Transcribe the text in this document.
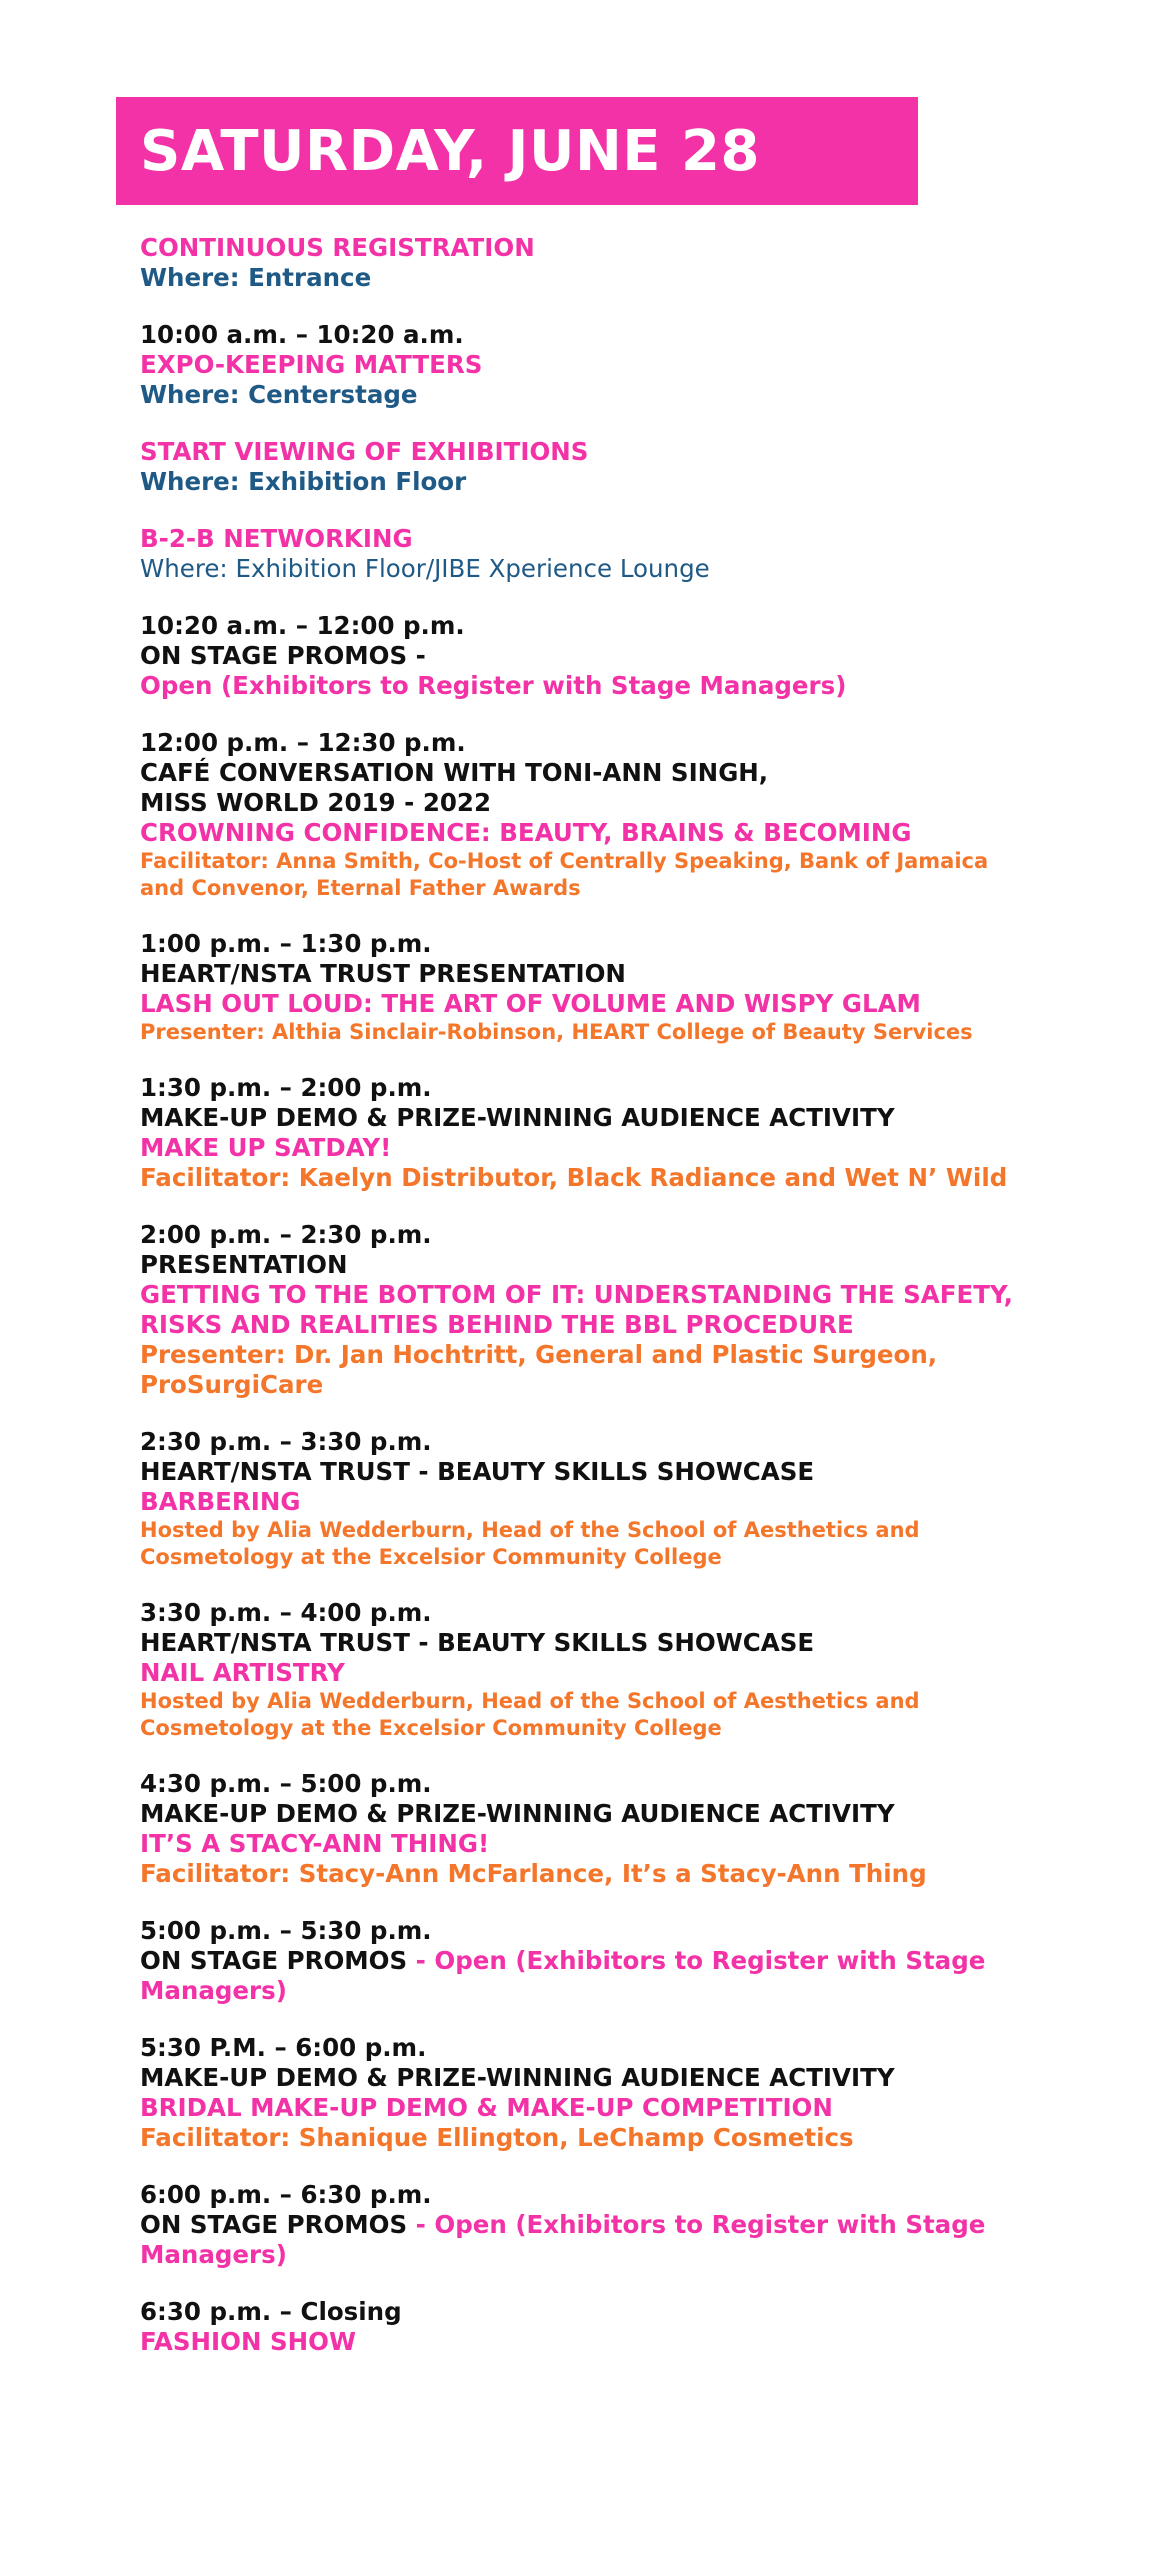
SATURDAY, JUNE 28
CONTINUOUS REGISTRATION
Where: Entrance
10:00 a.m. – 10:20 a.m.
EXPO-KEEPING MATTERS
Where: Centerstage
START VIEWING OF EXHIBITIONS
Where: Exhibition Floor
B-2-B NETWORKING
Where: Exhibition Floor/JIBE Xperience Lounge
10:20 a.m. – 12:00 p.m.
ON STAGE PROMOS -
Open (Exhibitors to Register with Stage Managers)
12:00 p.m. – 12:30 p.m.
CAFÉ CONVERSATION WITH TONI-ANN SINGH,
MISS WORLD 2019 - 2022
CROWNING CONFIDENCE: BEAUTY, BRAINS & BECOMING
Facilitator: Anna Smith, Co-Host of Centrally Speaking, Bank of Jamaica
and Convenor, Eternal Father Awards
1:00 p.m. – 1:30 p.m.
HEART/NSTA TRUST PRESENTATION
LASH OUT LOUD: THE ART OF VOLUME AND WISPY GLAM
Presenter: Althia Sinclair-Robinson, HEART College of Beauty Services
1:30 p.m. – 2:00 p.m.
MAKE-UP DEMO & PRIZE-WINNING AUDIENCE ACTIVITY
MAKE UP SATDAY!
Facilitator: Kaelyn Distributor, Black Radiance and Wet N’ Wild
2:00 p.m. – 2:30 p.m.
PRESENTATION
GETTING TO THE BOTTOM OF IT: UNDERSTANDING THE SAFETY,
RISKS AND REALITIES BEHIND THE BBL PROCEDURE
Presenter: Dr. Jan Hochtritt, General and Plastic Surgeon,
ProSurgiCare
2:30 p.m. – 3:30 p.m.
HEART/NSTA TRUST - BEAUTY SKILLS SHOWCASE
BARBERING
Hosted by Alia Wedderburn, Head of the School of Aesthetics and
Cosmetology at the Excelsior Community College
3:30 p.m. – 4:00 p.m.
HEART/NSTA TRUST - BEAUTY SKILLS SHOWCASE
NAIL ARTISTRY
Hosted by Alia Wedderburn, Head of the School of Aesthetics and
Cosmetology at the Excelsior Community College
4:30 p.m. – 5:00 p.m.
MAKE-UP DEMO & PRIZE-WINNING AUDIENCE ACTIVITY
IT’S A STACY-ANN THING!
Facilitator: Stacy-Ann McFarlance, It’s a Stacy-Ann Thing
5:00 p.m. – 5:30 p.m.
ON STAGE PROMOS - Open (Exhibitors to Register with Stage
Managers)
5:30 P.M. – 6:00 p.m.
MAKE-UP DEMO & PRIZE-WINNING AUDIENCE ACTIVITY
BRIDAL MAKE-UP DEMO & MAKE-UP COMPETITION
Facilitator: Shanique Ellington, LeChamp Cosmetics
6:00 p.m. – 6:30 p.m.
ON STAGE PROMOS - Open (Exhibitors to Register with Stage
Managers)
6:30 p.m. – Closing
FASHION SHOW
